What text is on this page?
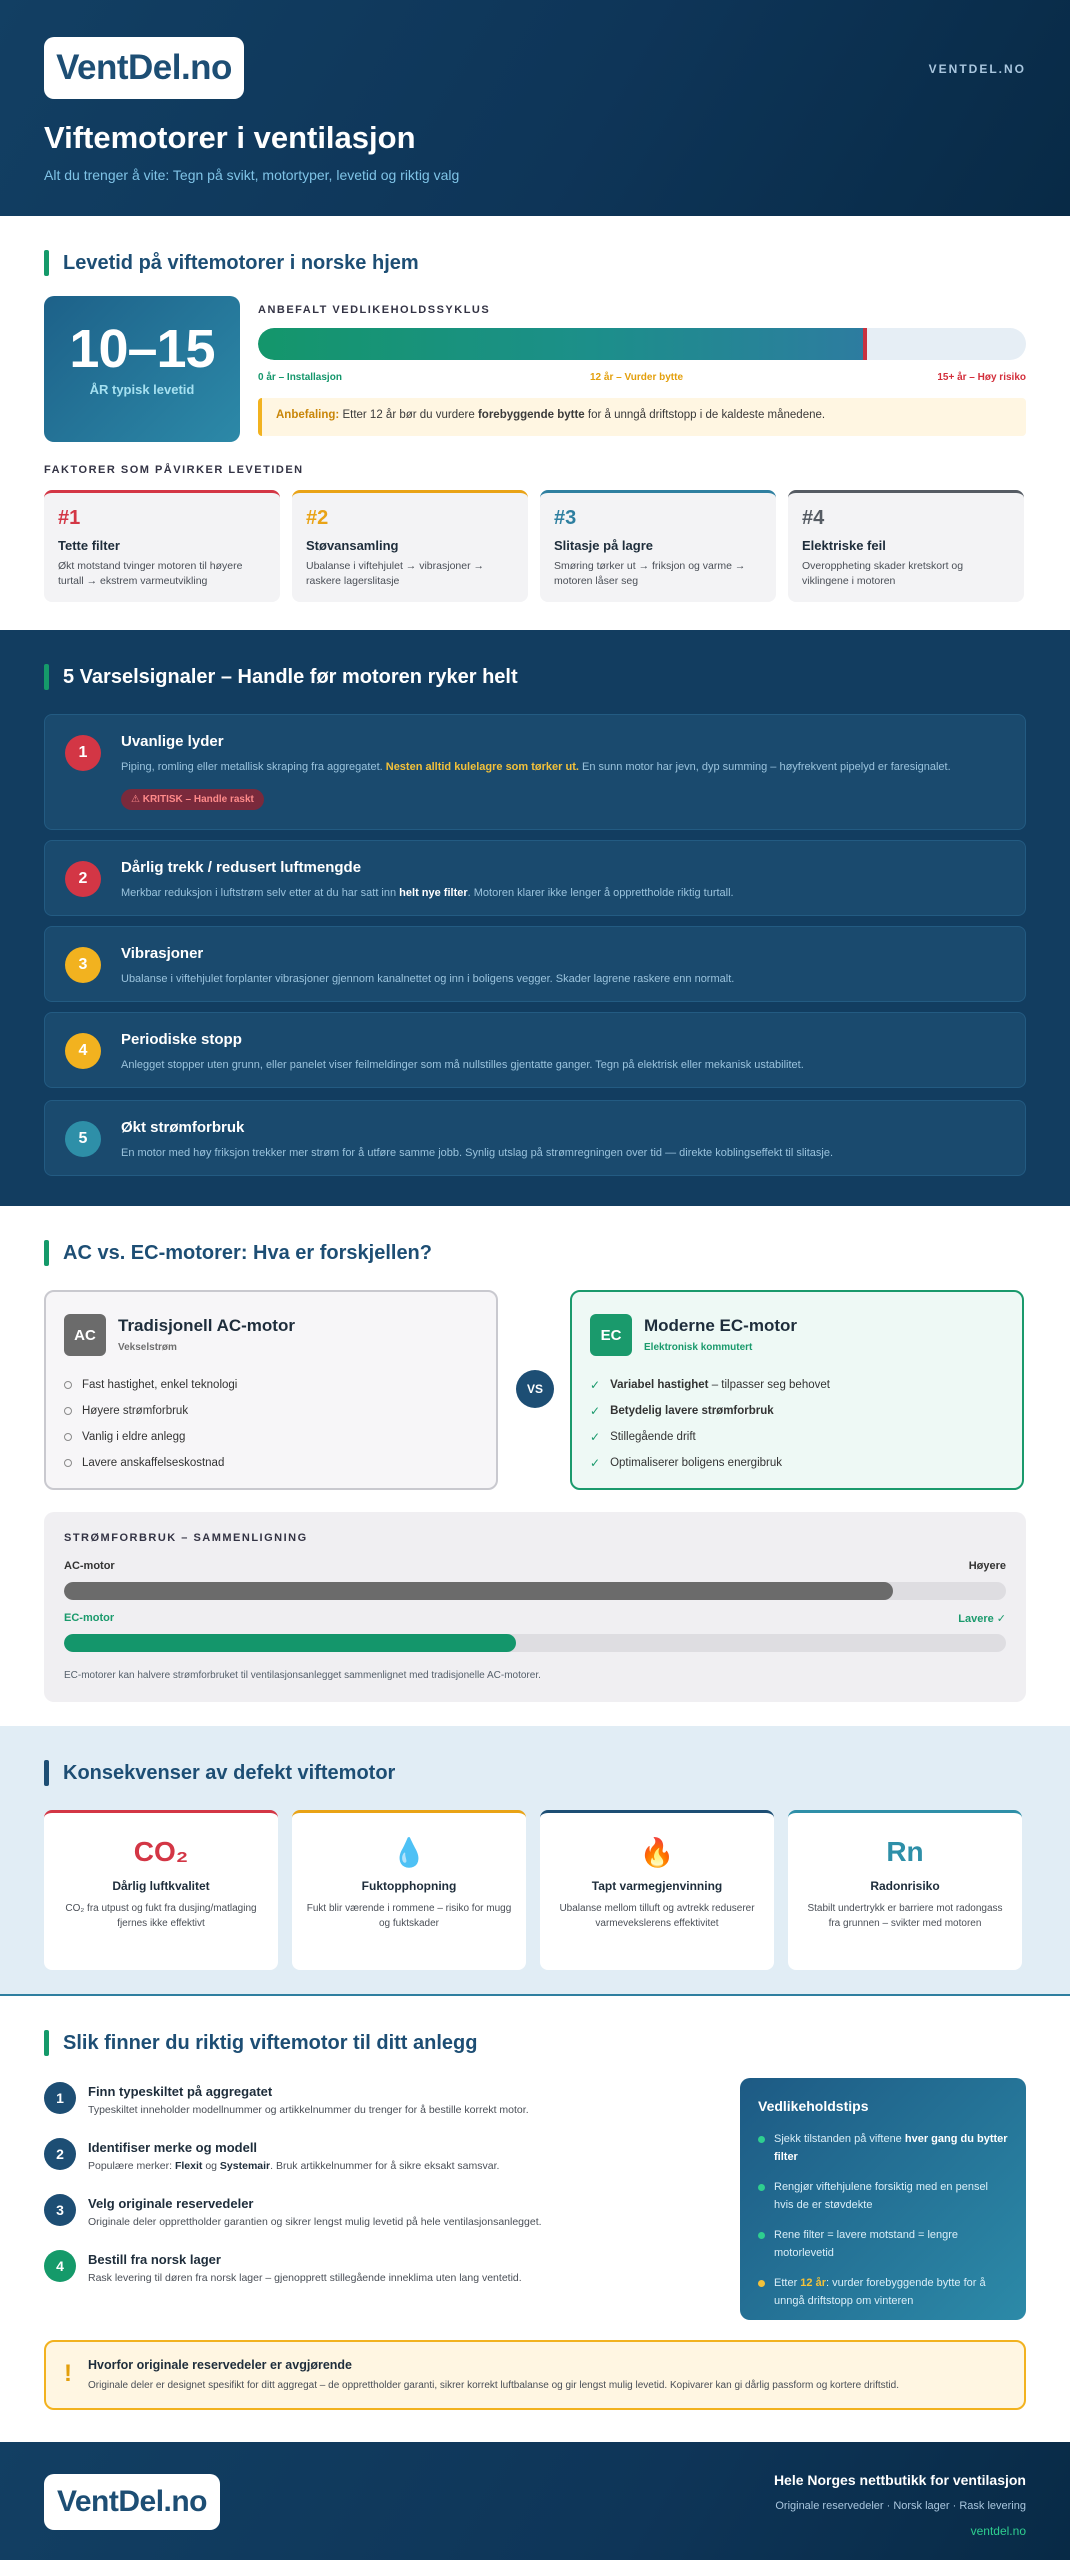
VentDel.no	VENTDEL.NO
Viftemotorer i ventilasjon
Alt du trenger å vite: Tegn på svikt, motortyper, levetid og riktig valg
Levetid på viftemotorer i norske hjem
10–15
ÅR typisk levetid
ANBEFALT VEDLIKEHOLDSSYKLUS
0 år – Installasjon	12 år – Vurder bytte	15+ år – Høy risiko
Anbefaling: Etter 12 år bør du vurdere forebyggende bytte for å unngå driftstopp i de kaldeste månedene.
FAKTORER SOM PÅVIRKER LEVETIDEN
#1
Tette filter
Økt motstand tvinger motoren til høyere turtall → ekstrem varmeutvikling
#2
Støvansamling
Ubalanse i viftehjulet → vibrasjoner → raskere lagerslitasje
#3
Slitasje på lagre
Smøring tørker ut → friksjon og varme → motoren låser seg
#4
Elektriske feil
Overoppheting skader kretskort og viklingene i motoren
5 Varselsignaler – Handle før motoren ryker helt
1
Uvanlige lyder
Piping, romling eller metallisk skraping fra aggregatet. Nesten alltid kulelagre som tørker ut. En sunn motor har jevn, dyp summing – høyfrekvent pipelyd er faresignalet.
⚠ KRITISK – Handle raskt
2
Dårlig trekk / redusert luftmengde
Merkbar reduksjon i luftstrøm selv etter at du har satt inn helt nye filter. Motoren klarer ikke lenger å opprettholde riktig turtall.
3
Vibrasjoner
Ubalanse i viftehjulet forplanter vibrasjoner gjennom kanalnettet og inn i boligens vegger. Skader lagrene raskere enn normalt.
4
Periodiske stopp
Anlegget stopper uten grunn, eller panelet viser feilmeldinger som må nullstilles gjentatte ganger. Tegn på elektrisk eller mekanisk ustabilitet.
5
Økt strømforbruk
En motor med høy friksjon trekker mer strøm for å utføre samme jobb. Synlig utslag på strømregningen over tid — direkte koblingseffekt til slitasje.
AC vs. EC-motorer: Hva er forskjellen?
AC	Tradisjonell AC-motor
Vekselstrøm
Fast hastighet, enkel teknologi
Høyere strømforbruk
Vanlig i eldre anlegg
Lavere anskaffelseskostnad
VS
EC	Moderne EC-motor
Elektronisk kommutert
✓ Variabel hastighet – tilpasser seg behovet
✓ Betydelig lavere strømforbruk
✓ Stillegående drift
✓ Optimaliserer boligens energibruk
STRØMFORBRUK – SAMMENLIGNING
AC-motor	Høyere
EC-motor	Lavere ✓
EC-motorer kan halvere strømforbruket til ventilasjonsanlegget sammenlignet med tradisjonelle AC-motorer.
Konsekvenser av defekt viftemotor
CO₂
Dårlig luftkvalitet
CO₂ fra utpust og fukt fra dusjing/matlaging fjernes ikke effektivt
💧
Fuktopphopning
Fukt blir værende i rommene – risiko for mugg og fuktskader
🔥
Tapt varmegjenvinning
Ubalanse mellom tilluft og avtrekk reduserer varmevekslerens effektivitet
Rn
Radonrisiko
Stabilt undertrykk er barriere mot radongass fra grunnen – svikter med motoren
Slik finner du riktig viftemotor til ditt anlegg
1	Finn typeskiltet på aggregatet
Typeskiltet inneholder modellnummer og artikkelnummer du trenger for å bestille korrekt motor.
2	Identifiser merke og modell
Populære merker: Flexit og Systemair. Bruk artikkelnummer for å sikre eksakt samsvar.
3	Velg originale reservedeler
Originale deler opprettholder garantien og sikrer lengst mulig levetid på hele ventilasjonsanlegget.
4	Bestill fra norsk lager
Rask levering til døren fra norsk lager – gjenopprett stillegående inneklima uten lang ventetid.
Vedlikeholdstips
Sjekk tilstanden på viftene hver gang du bytter filter
Rengjør viftehjulene forsiktig med en pensel hvis de er støvdekte
Rene filter = lavere motstand = lengre motorlevetid
Etter 12 år: vurder forebyggende bytte for å unngå driftstopp om vinteren
! Hvorfor originale reservedeler er avgjørende
Originale deler er designet spesifikt for ditt aggregat – de opprettholder garanti, sikrer korrekt luftbalanse og gir lengst mulig levetid. Kopivarer kan gi dårlig passform og kortere driftstid.
VentDel.no
Hele Norges nettbutikk for ventilasjon
Originale reservedeler · Norsk lager · Rask levering
ventdel.no
